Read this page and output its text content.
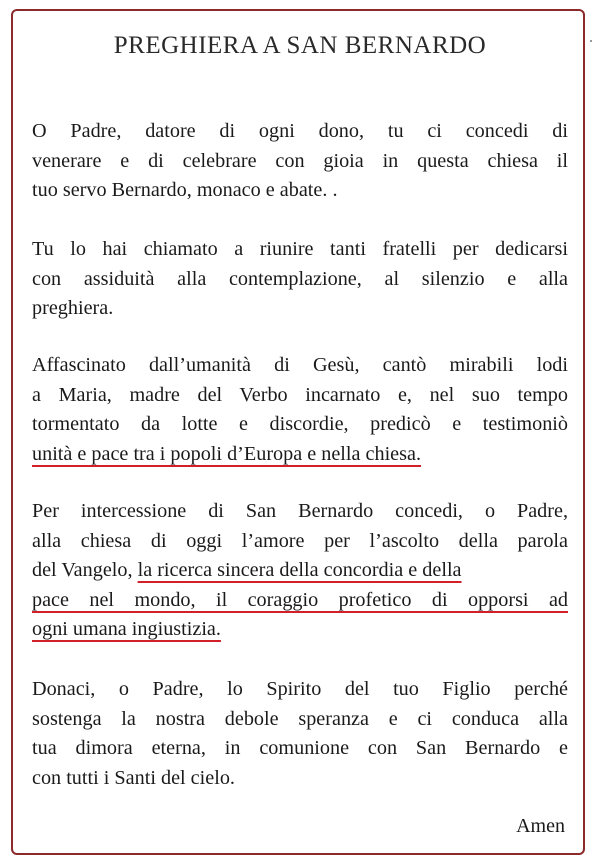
PREGHIERA A SAN BERNARDO

O Padre, datore di ogni dono, tu ci concedi di
venerare e di celebrare con gioia in questa chiesa il
tuo servo Bernardo, monaco e abate. .

Tu lo hai chiamato a riunire tanti fratelli per dedicarsi
con assiduità alla contemplazione, al silenzio e alla
preghiera.

Affascinato dall’umanità di Gesù, cantò mirabili lodi
a Maria, madre del Verbo incarnato e, nel suo tempo
tormentato da lotte e discordie, predicò e testimoniò
unità e pace tra i popoli d’Europa e nella chiesa.

Per intercessione di San Bernardo concedi, o Padre,
alla chiesa di oggi l’amore per l’ascolto della parola
del Vangelo, la ricerca sincera della concordia e della
pace nel mondo, il coraggio profetico di opporsi ad
ogni umana ingiustizia.

Donaci, o Padre, lo Spirito del tuo Figlio perché
sostenga la nostra debole speranza e ci conduca alla
tua dimora eterna, in comunione con San Bernardo e
con tutti i Santi del cielo.

Amen
